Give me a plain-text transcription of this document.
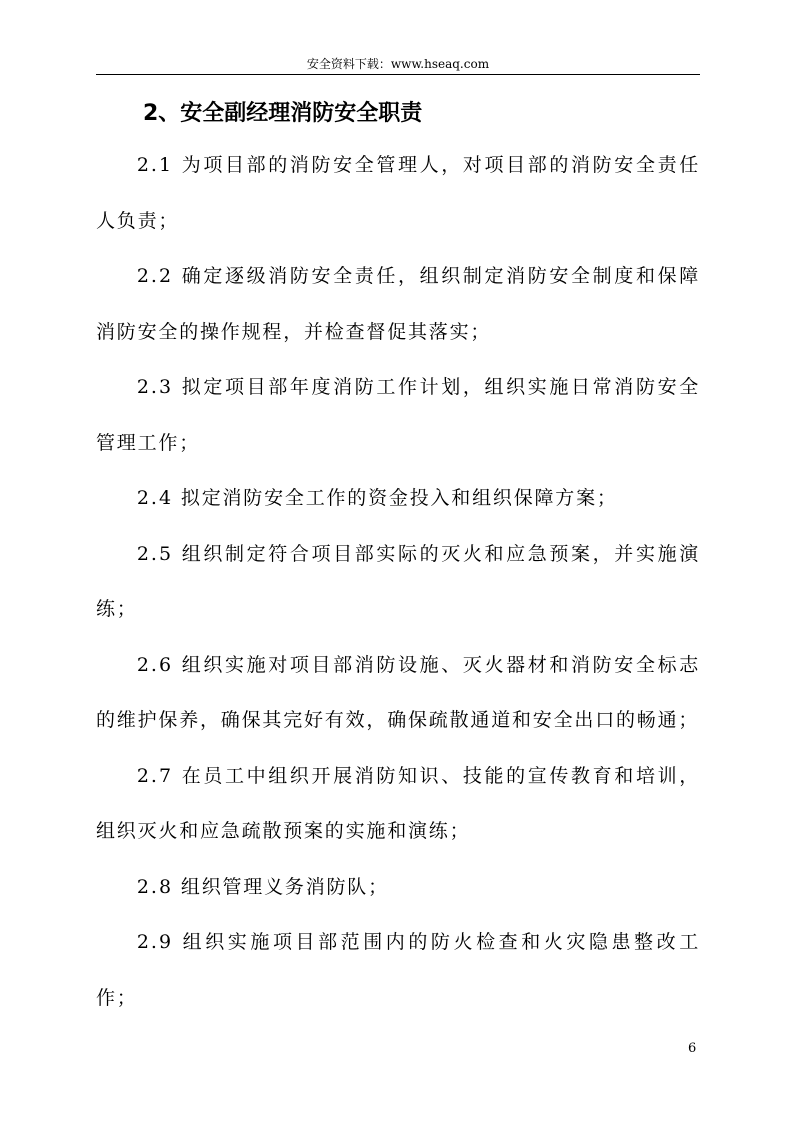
安全资料下载：www.hseaq.com
2、安全副经理消防安全职责

2.1 为项目部的消防安全管理人，对项目部的消防安全责任人负责；

2.2 确定逐级消防安全责任，组织制定消防安全制度和保障消防安全的操作规程，并检查督促其落实；

2.3 拟定项目部年度消防工作计划，组织实施日常消防安全管理工作；

2.4 拟定消防安全工作的资金投入和组织保障方案；

2.5 组织制定符合项目部实际的灭火和应急预案，并实施演练；

2.6 组织实施对项目部消防设施、灭火器材和消防安全标志的维护保养，确保其完好有效，确保疏散通道和安全出口的畅通；

2.7 在员工中组织开展消防知识、技能的宣传教育和培训，组织灭火和应急疏散预案的实施和演练；

2.8 组织管理义务消防队；

2.9 组织实施项目部范围内的防火检查和火灾隐患整改工作；

6
